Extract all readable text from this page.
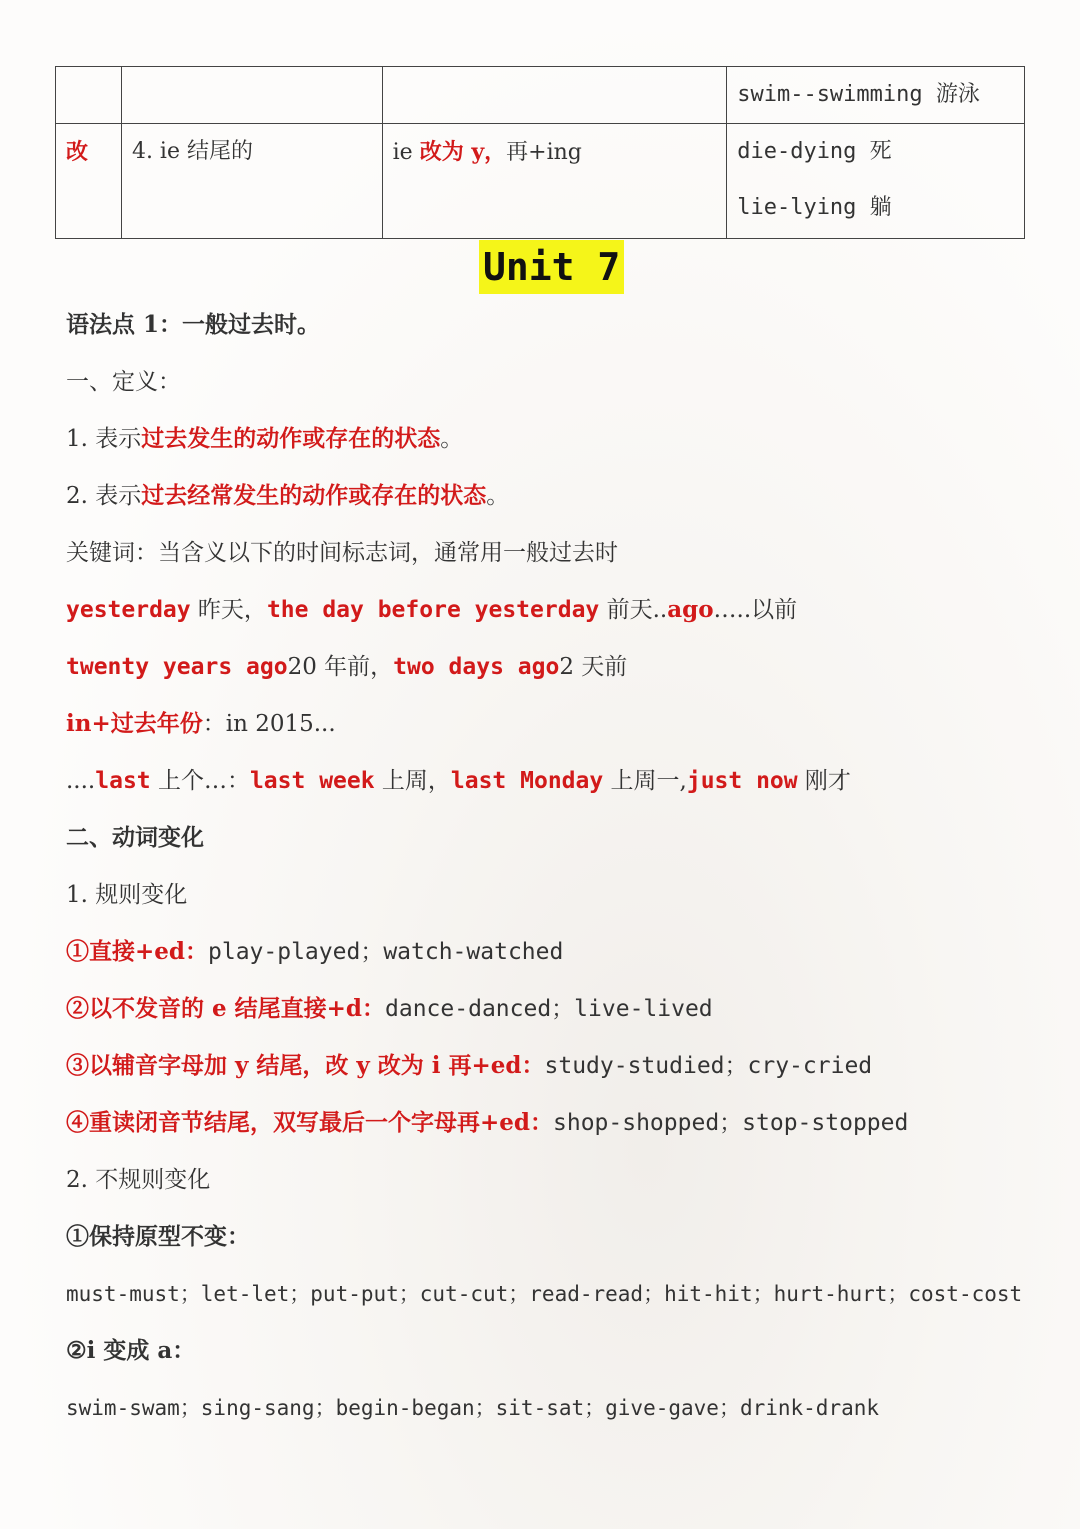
			swim--swimming 游泳

改	4. ie 结尾的	ie 改为 y，再+ing	die-dying 死
lie-lying 躺
Unit 7
语法点 1：一般过去时。
一、定义：
1. 表示过去发生的动作或存在的状态。
2. 表示过去经常发生的动作或存在的状态。
关键词：当含义以下的时间标志词，通常用一般过去时
yesterday 昨天，the day before yesterday 前天..ago…..以前
twenty years ago20 年前，two days ago2 天前
in+过去年份：in 2015...
....last 上个…：last week 上周，last Monday 上周一,just now 刚才
二、动词变化
1. 规则变化
①直接+ed：play-played；watch-watched
②以不发音的 e 结尾直接+d：dance-danced；live-lived
③以辅音字母加 y 结尾，改 y 改为 i 再+ed：study-studied；cry-cried
④重读闭音节结尾，双写最后一个字母再+ed：shop-shopped；stop-stopped
2. 不规则变化
①保持原型不变：
must-must；let-let；put-put；cut-cut；read-read；hit-hit；hurt-hurt；cost-cost
②i 变成 a：
swim-swam；sing-sang；begin-began；sit-sat；give-gave；drink-drank
